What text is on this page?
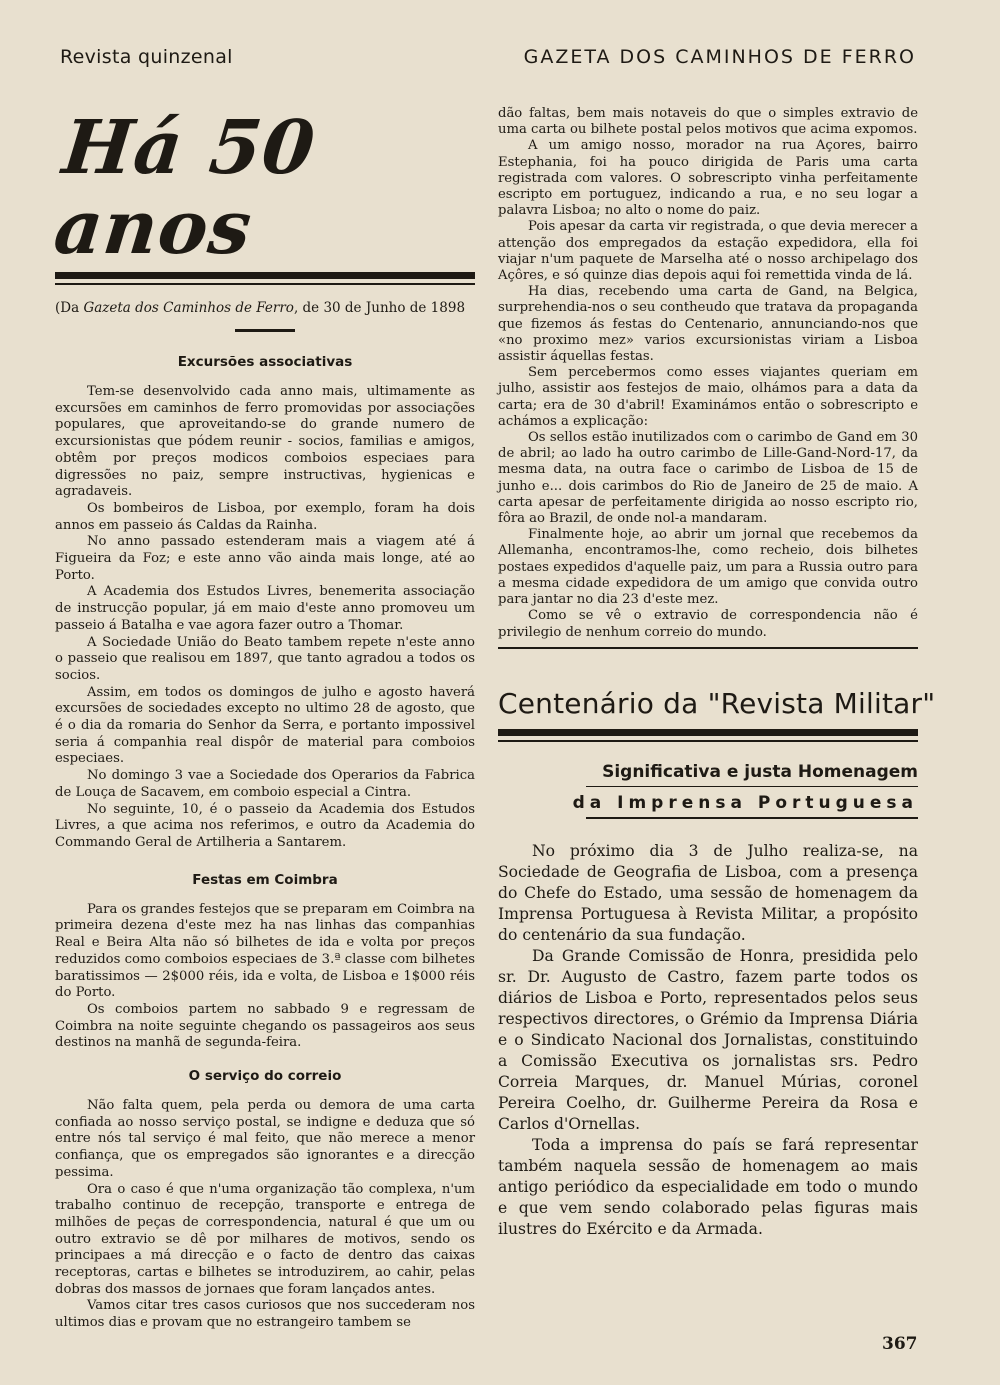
Revista quinzenal	GAZETA DOS CAMINHOS DE FERRO
Há 50 anos
(Da Gazeta dos Caminhos de Ferro, de 30 de Junho de 1898
Excursões associativas

Tem-se desenvolvido cada anno mais, ultimamente as excursões em caminhos de ferro promovidas por associações populares, que aproveitando-se do grande numero de excursionistas que pódem reunir - socios, familias e amigos, obtêm por preços modicos comboios especiaes para digressões no paiz, sempre instructivas, hygienicas e agradaveis.

Os bombeiros de Lisboa, por exemplo, foram ha dois annos em passeio ás Caldas da Rainha.

No anno passado estenderam mais a viagem até á Figueira da Foz; e este anno vão ainda mais longe, até ao Porto.

A Academia dos Estudos Livres, benemerita associação de instrucção popular, já em maio d'este anno promoveu um passeio á Batalha e vae agora fazer outro a Thomar.

A Sociedade União do Beato tambem repete n'este anno o passeio que realisou em 1897, que tanto agradou a todos os socios.

Assim, em todos os domingos de julho e agosto haverá excursões de sociedades excepto no ultimo 28 de agosto, que é o dia da romaria do Senhor da Serra, e portanto impossivel seria á companhia real dispôr de material para comboios especiaes.

No domingo 3 vae a Sociedade dos Operarios da Fabrica de Louça de Sacavem, em comboio especial a Cintra.

No seguinte, 10, é o passeio da Academia dos Estudos Livres, a que acima nos referimos, e outro da Academia do Commando Geral de Artilheria a Santarem.

Festas em Coimbra

Para os grandes festejos que se preparam em Coimbra na primeira dezena d'este mez ha nas linhas das companhias Real e Beira Alta não só bilhetes de ida e volta por preços reduzidos como comboios especiaes de 3.ª classe com bilhetes baratissimos — 2$000 réis, ida e volta, de Lisboa e 1$000 réis do Porto.

Os comboios partem no sabbado 9 e regressam de Coimbra na noite seguinte chegando os passageiros aos seus destinos na manhã de segunda-feira.

O serviço do correio

Não falta quem, pela perda ou demora de uma carta confiada ao nosso serviço postal, se indigne e deduza que só entre nós tal serviço é mal feito, que não merece a menor confiança, que os empregados são ignorantes e a direcção pessima.

Ora o caso é que n'uma organização tão complexa, n'um trabalho continuo de recepção, transporte e entrega de milhões de peças de correspondencia, natural é que um ou outro extravio se dê por milhares de motivos, sendo os principaes a má direcção e o facto de dentro das caixas receptoras, cartas e bilhetes se introduzirem, ao cahir, pelas dobras dos massos de jornaes que foram lançados antes.

Vamos citar tres casos curiosos que nos succederam nos ultimos dias e provam que no estrangeiro tambem se

dão faltas, bem mais notaveis do que o simples extravio de uma carta ou bilhete postal pelos motivos que acima expomos.

A um amigo nosso, morador na rua Açores, bairro Estephania, foi ha pouco dirigida de Paris uma carta registrada com valores. O sobrescripto vinha perfeitamente escripto em portuguez, indicando a rua, e no seu logar a palavra Lisboa; no alto o nome do paiz.

Pois apesar da carta vir registrada, o que devia merecer a attenção dos empregados da estação expedidora, ella foi viajar n'um paquete de Marselha até o nosso archipelago dos Açôres, e só quinze dias depois aqui foi remettida vinda de lá.

Ha dias, recebendo uma carta de Gand, na Belgica, surprehendia-nos o seu contheudo que tratava da propaganda que fizemos ás festas do Centenario, annunciando-nos que «no proximo mez» varios excursionistas viriam a Lisboa assistir áquellas festas.

Sem percebermos como esses viajantes queriam em julho, assistir aos festejos de maio, olhámos para a data da carta; era de 30 d'abril! Examinámos então o sobrescripto e achámos a explicação:

Os sellos estão inutilizados com o carimbo de Gand em 30 de abril; ao lado ha outro carimbo de Lille-Gand-Nord-17, da mesma data, na outra face o carimbo de Lisboa de 15 de junho e... dois carimbos do Rio de Janeiro de 25 de maio. A carta apesar de perfeitamente dirigida ao nosso escripto rio, fôra ao Brazil, de onde nol-a mandaram.

Finalmente hoje, ao abrir um jornal que recebemos da Allemanha, encontramos-lhe, como recheio, dois bilhetes postaes expedidos d'aquelle paiz, um para a Russia outro para a mesma cidade expedidora de um amigo que convida outro para jantar no dia 23 d'este mez.

Como se vê o extravio de correspondencia não é privilegio de nenhum correio do mundo.

Centenário da "Revista Militar"
Significativa e justa Homenagem
da Imprensa Portuguesa

No próximo dia 3 de Julho realiza-se, na Sociedade de Geografia de Lisboa, com a presença do Chefe do Estado, uma sessão de homenagem da Imprensa Portuguesa à Revista Militar, a propósito do centenário da sua fundação.

Da Grande Comissão de Honra, presidida pelo sr. Dr. Augusto de Castro, fazem parte todos os diários de Lisboa e Porto, representados pelos seus respectivos directores, o Grémio da Imprensa Diária e o Sindicato Nacional dos Jornalistas, constituindo a Comissão Executiva os jornalistas srs. Pedro Correia Marques, dr. Manuel Múrias, coronel Pereira Coelho, dr. Guilherme Pereira da Rosa e Carlos d'Ornellas.

Toda a imprensa do país se fará representar também naquela sessão de homenagem ao mais antigo periódico da especialidade em todo o mundo e que vem sendo colaborado pelas figuras mais ilustres do Exército e da Armada.

367
